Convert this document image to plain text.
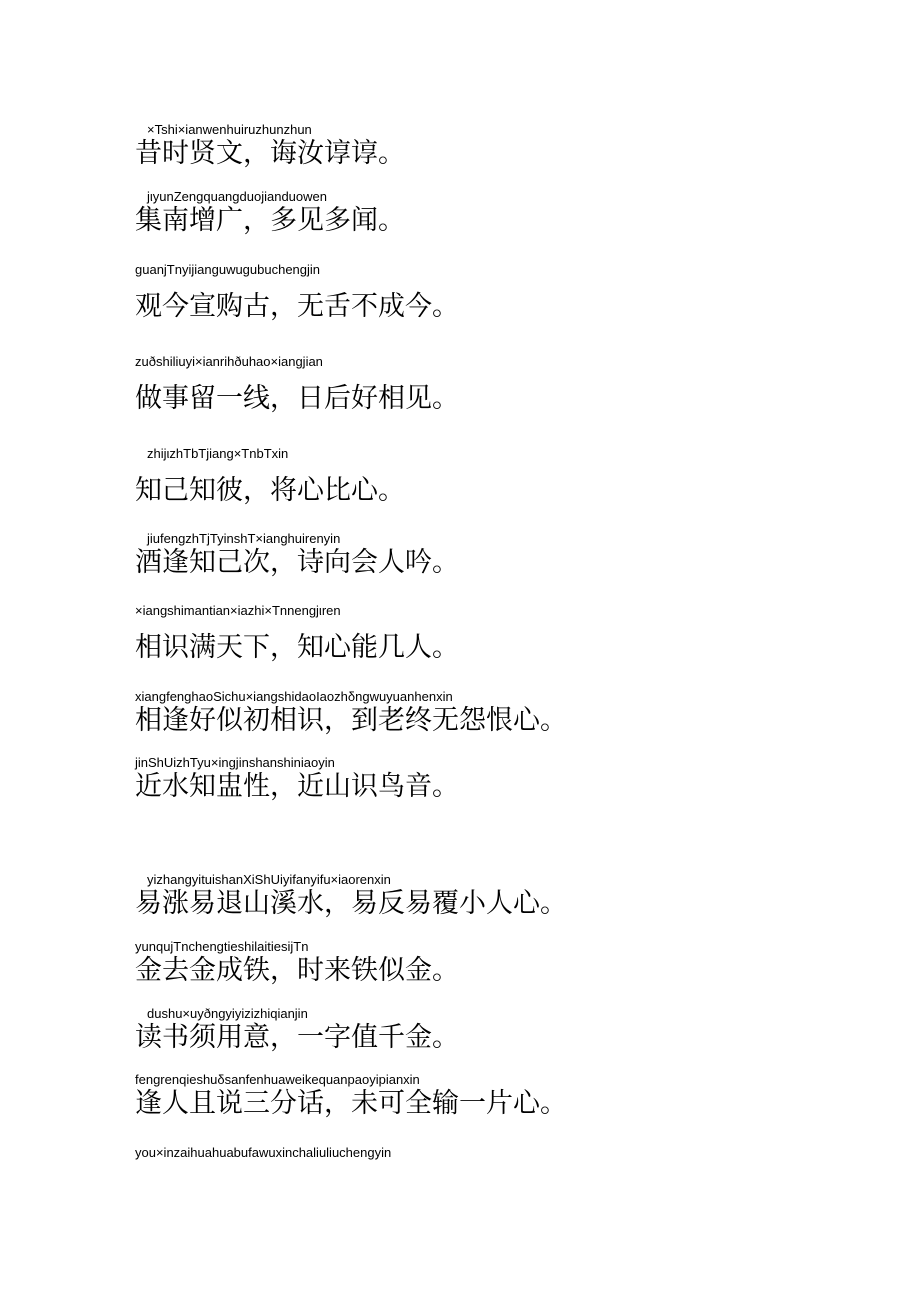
×Tshi×ianwenhuiruzhunzhun
昔时贤文，诲汝谆谆。
jιyunZengquangduojianduowen
集南增广，多见多闻。
guanjTnyijianguwugubuchengjin
观今宣购古，无舌不成今。
zuðshiliuyi×ianrihðuhao×iangjian
做事留一线，日后好相见。
zhijιzhTbTjiang×TnbTxin
知己知彼，将心比心。
jiufengzhTjTyinshT×ianghuirenyin
酒逢知己次，诗向会人吟。
×iangshimantian×iazhi×Tnnengjιren
相识满天下，知心能几人。
xiangfenghaoSichu×iangshidaoIaozhδngwuyuanhenxin
相逢好似初相识，到老终无怨恨心。
jinShUizhTyu×ingjinshanshiniaoyin
近水知盅性，近山识鸟音。
yizhangyituishanXiShUiyifanyifu×iaorenxin
易涨易退山溪水，易反易覆小人心。
yunqujTnchengtieshilaitiesijTn
金去金成铁，时来铁似金。
dushu×uyðngyiyizizhiqianjin
读书须用意，一字值千金。
fengrenqieshuδsanfenhuaweikequanpaoyipianxin
逢人且说三分话，未可全输一片心。
you×inzaihuahuabufawuxinchaliuliuchengyin
